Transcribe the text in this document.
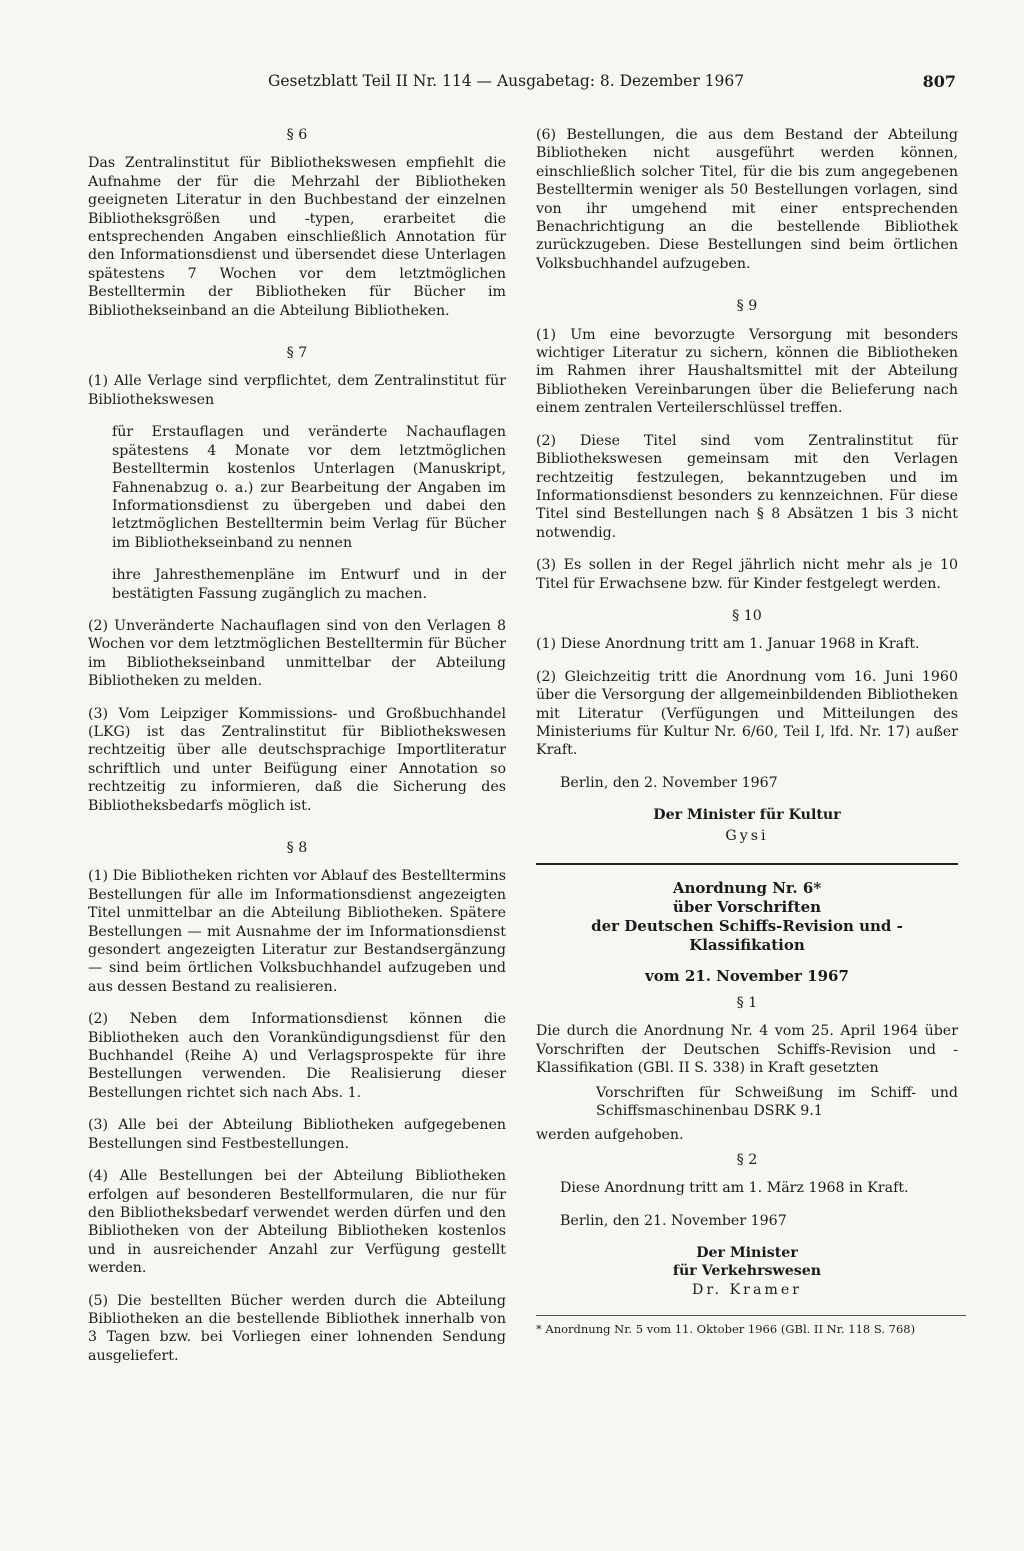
Gesetzblatt Teil II Nr. 114 — Ausgabetag: 8. Dezember 1967	807
§ 6

Das Zentralinstitut für Bibliothekswesen empfiehlt die Aufnahme der für die Mehrzahl der Bibliotheken geeigneten Literatur in den Buchbestand der einzelnen Bibliotheksgrößen und -typen, erarbeitet die entsprechenden Angaben einschließlich Annotation für den Informationsdienst und übersendet diese Unterlagen spätestens 7 Wochen vor dem letztmöglichen Bestelltermin der Bibliotheken für Bücher im Bibliothekseinband an die Abteilung Bibliotheken.

§ 7

(1) Alle Verlage sind verpflichtet, dem Zentralinstitut für Bibliothekswesen

für Erstauflagen und veränderte Nachauflagen spätestens 4 Monate vor dem letztmöglichen Bestelltermin kostenlos Unterlagen (Manuskript, Fahnenabzug o. a.) zur Bearbeitung der Angaben im Informationsdienst zu übergeben und dabei den letztmöglichen Bestelltermin beim Verlag für Bücher im Bibliothekseinband zu nennen

ihre Jahresthemenpläne im Entwurf und in der bestätigten Fassung zugänglich zu machen.

(2) Unveränderte Nachauflagen sind von den Verlagen 8 Wochen vor dem letztmöglichen Bestelltermin für Bücher im Bibliothekseinband unmittelbar der Abteilung Bibliotheken zu melden.

(3) Vom Leipziger Kommissions- und Großbuchhandel (LKG) ist das Zentralinstitut für Bibliothekswesen rechtzeitig über alle deutschsprachige Importliteratur schriftlich und unter Beifügung einer Annotation so rechtzeitig zu informieren, daß die Sicherung des Bibliotheksbedarfs möglich ist.

§ 8

(1) Die Bibliotheken richten vor Ablauf des Bestelltermins Bestellungen für alle im Informationsdienst angezeigten Titel unmittelbar an die Abteilung Bibliotheken. Spätere Bestellungen — mit Ausnahme der im Informationsdienst gesondert angezeigten Literatur zur Bestandsergänzung — sind beim örtlichen Volksbuchhandel aufzugeben und aus dessen Bestand zu realisieren.

(2) Neben dem Informationsdienst können die Bibliotheken auch den Vorankündigungsdienst für den Buchhandel (Reihe A) und Verlagsprospekte für ihre Bestellungen verwenden. Die Realisierung dieser Bestellungen richtet sich nach Abs. 1.

(3) Alle bei der Abteilung Bibliotheken aufgegebenen Bestellungen sind Festbestellungen.

(4) Alle Bestellungen bei der Abteilung Bibliotheken erfolgen auf besonderen Bestellformularen, die nur für den Bibliotheksbedarf verwendet werden dürfen und den Bibliotheken von der Abteilung Bibliotheken kostenlos und in ausreichender Anzahl zur Verfügung gestellt werden.

(5) Die bestellten Bücher werden durch die Abteilung Bibliotheken an die bestellende Bibliothek innerhalb von 3 Tagen bzw. bei Vorliegen einer lohnenden Sendung ausgeliefert.

(6) Bestellungen, die aus dem Bestand der Abteilung Bibliotheken nicht ausgeführt werden können, einschließlich solcher Titel, für die bis zum angegebenen Bestelltermin weniger als 50 Bestellungen vorlagen, sind von ihr umgehend mit einer entsprechenden Benachrichtigung an die bestellende Bibliothek zurückzugeben. Diese Bestellungen sind beim örtlichen Volksbuchhandel aufzugeben.

§ 9

(1) Um eine bevorzugte Versorgung mit besonders wichtiger Literatur zu sichern, können die Bibliotheken im Rahmen ihrer Haushaltsmittel mit der Abteilung Bibliotheken Vereinbarungen über die Belieferung nach einem zentralen Verteilerschlüssel treffen.

(2) Diese Titel sind vom Zentralinstitut für Bibliothekswesen gemeinsam mit den Verlagen rechtzeitig festzulegen, bekanntzugeben und im Informationsdienst besonders zu kennzeichnen. Für diese Titel sind Bestellungen nach § 8 Absätzen 1 bis 3 nicht notwendig.

(3) Es sollen in der Regel jährlich nicht mehr als je 10 Titel für Erwachsene bzw. für Kinder festgelegt werden.

§ 10

(1) Diese Anordnung tritt am 1. Januar 1968 in Kraft.

(2) Gleichzeitig tritt die Anordnung vom 16. Juni 1960 über die Versorgung der allgemeinbildenden Bibliotheken mit Literatur (Verfügungen und Mitteilungen des Ministeriums für Kultur Nr. 6/60, Teil I, lfd. Nr. 17) außer Kraft.

Berlin, den 2. November 1967

Der Minister für Kultur

Gysi

Anordnung Nr. 6*
über Vorschriften
der Deutschen Schiffs-Revision und -Klassifikation
vom 21. November 1967
§ 1

Die durch die Anordnung Nr. 4 vom 25. April 1964 über Vorschriften der Deutschen Schiffs-Revision und -Klassifikation (GBl. II S. 338) in Kraft gesetzten

Vorschriften für Schweißung im Schiff- und Schiffsmaschinenbau DSRK 9.1

werden aufgehoben.

§ 2

Diese Anordnung tritt am 1. März 1968 in Kraft.

Berlin, den 21. November 1967

Der Minister

für Verkehrswesen

Dr. Kramer

* Anordnung Nr. 5 vom 11. Oktober 1966 (GBl. II Nr. 118 S. 768)
